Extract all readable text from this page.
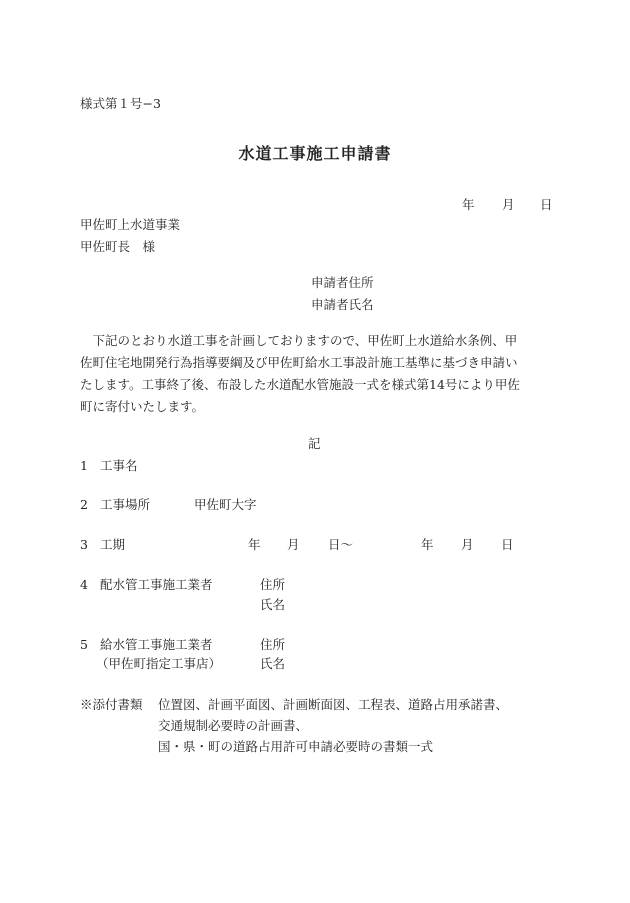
様式第１号−3
水道工事施工申請書
年 月 日
甲佐町上水道事業
甲佐町長　様
申請者住所
申請者氏名
　下記のとおり水道工事を計画しておりますので、甲佐町上水道給水条例、甲
佐町住宅地開発行為指導要綱及び甲佐町給水工事設計施工基準に基づき申請い
たします。工事終了後、布設した水道配水管施設一式を様式第14号により甲佐
町に寄付いたします。
記
1 工事名
2 工事場所	甲佐町大字
3 工期	年 月 日〜	年 月 日
4 配水管工事施工業者	住所
氏名
5 給水管工事施工業者	住所
（甲佐町指定工事店）	氏名
※添付書類 位置図、計画平面図、計画断面図、工程表、道路占用承諾書、
交通規制必要時の計画書、
国・県・町の道路占用許可申請必要時の書類一式
